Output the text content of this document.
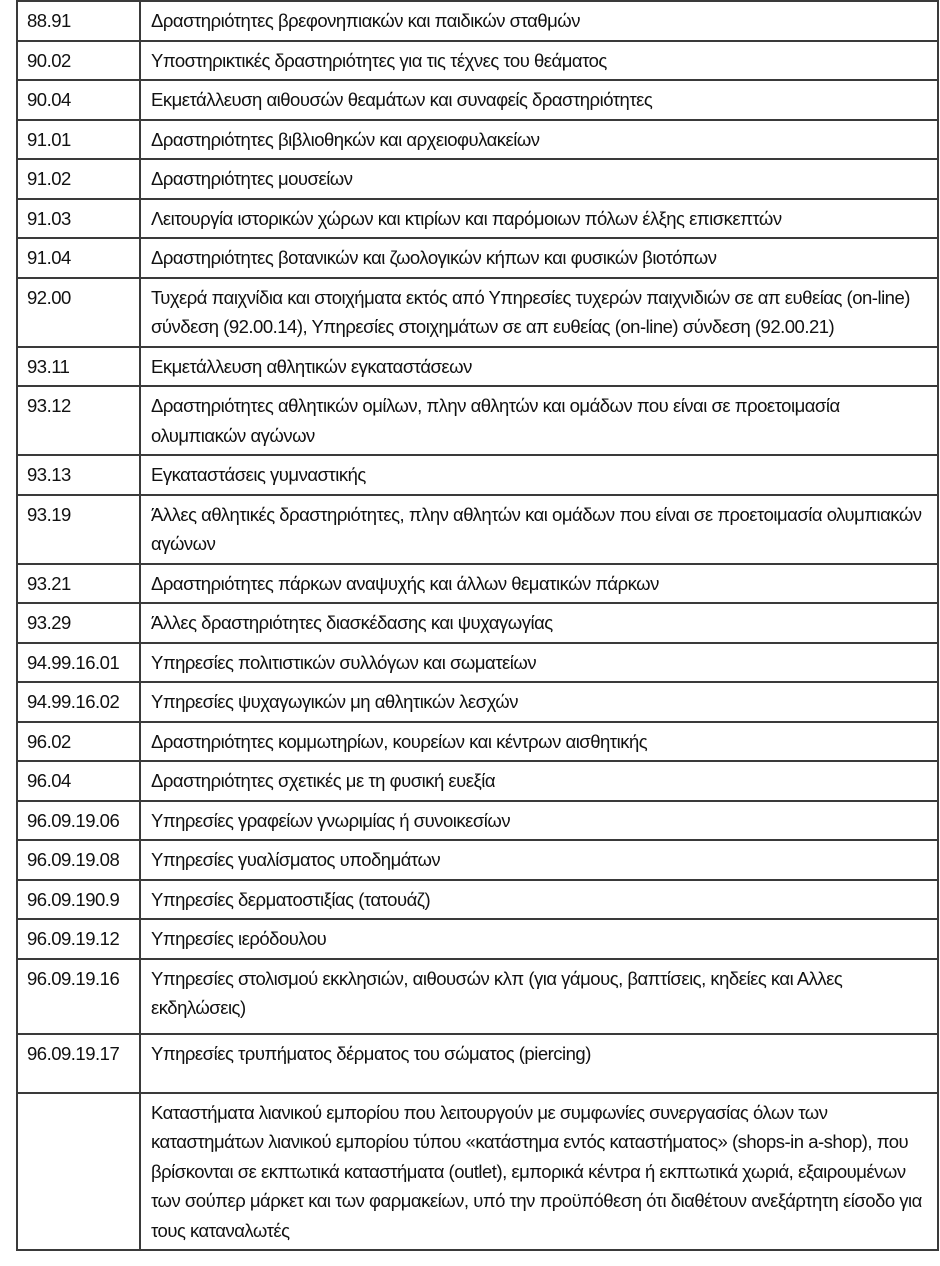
88.91	Δραστηριότητες βρεφονηπιακών και παιδικών σταθμών
90.02	Υποστηρικτικές δραστηριότητες για τις τέχνες του θεάματος
90.04	Εκμετάλλευση αιθουσών θεαμάτων και συναφείς δραστηριότητες
91.01	Δραστηριότητες βιβλιοθηκών και αρχειοφυλακείων
91.02	Δραστηριότητες μουσείων
91.03	Λειτουργία ιστορικών χώρων και κτιρίων και παρόμοιων πόλων έλξης επισκεπτών
91.04	Δραστηριότητες βοτανικών και ζωολογικών κήπων και φυσικών βιοτόπων
92.00	Τυχερά παιχνίδια και στοιχήματα εκτός από Υπηρεσίες τυχερών παιχνιδιών σε απ ευθείας (on-line) σύνδεση (92.00.14), Υπηρεσίες στοιχημάτων σε απ ευθείας (on-line) σύνδεση (92.00.21)
93.11	Εκμετάλλευση αθλητικών εγκαταστάσεων
93.12	Δραστηριότητες αθλητικών ομίλων, πλην αθλητών και ομάδων που είναι σε προετοιμασία ολυμπιακών αγώνων
93.13	Εγκαταστάσεις γυμναστικής
93.19	Άλλες αθλητικές δραστηριότητες, πλην αθλητών και ομάδων που είναι σε προετοιμασία ολυμπιακών αγώνων
93.21	Δραστηριότητες πάρκων αναψυχής και άλλων θεματικών πάρκων
93.29	Άλλες δραστηριότητες διασκέδασης και ψυχαγωγίας
94.99.16.01	Υπηρεσίες πολιτιστικών συλλόγων και σωματείων
94.99.16.02	Υπηρεσίες ψυχαγωγικών μη αθλητικών λεσχών
96.02	Δραστηριότητες κομμωτηρίων, κουρείων και κέντρων αισθητικής
96.04	Δραστηριότητες σχετικές με τη φυσική ευεξία
96.09.19.06	Υπηρεσίες γραφείων γνωριμίας ή συνοικεσίων
96.09.19.08	Υπηρεσίες γυαλίσματος υποδημάτων
96.09.190.9	Υπηρεσίες δερματοστιξίας (τατουάζ)
96.09.19.12	Υπηρεσίες ιερόδουλου
96.09.19.16	Υπηρεσίες στολισμού εκκλησιών, αιθουσών κλπ (για γάμους, βαπτίσεις, κηδείες και Αλλες εκδηλώσεις)
96.09.19.17	Υπηρεσίες τρυπήματος δέρματος του σώματος (piercing)
	Καταστήματα λιανικού εμπορίου που λειτουργούν με συμφωνίες συνεργασίας όλων των καταστημάτων λιανικού εμπορίου τύπου «κατάστημα εντός καταστήματος» (shops-in a-shop), που βρίσκονται σε εκπτωτικά καταστήματα (outlet), εμπορικά κέντρα ή εκπτωτικά χωριά, εξαιρουμένων των σούπερ μάρκετ και των φαρμακείων, υπό την προϋπόθεση ότι διαθέτουν ανεξάρτητη είσοδο για τους καταναλωτές
